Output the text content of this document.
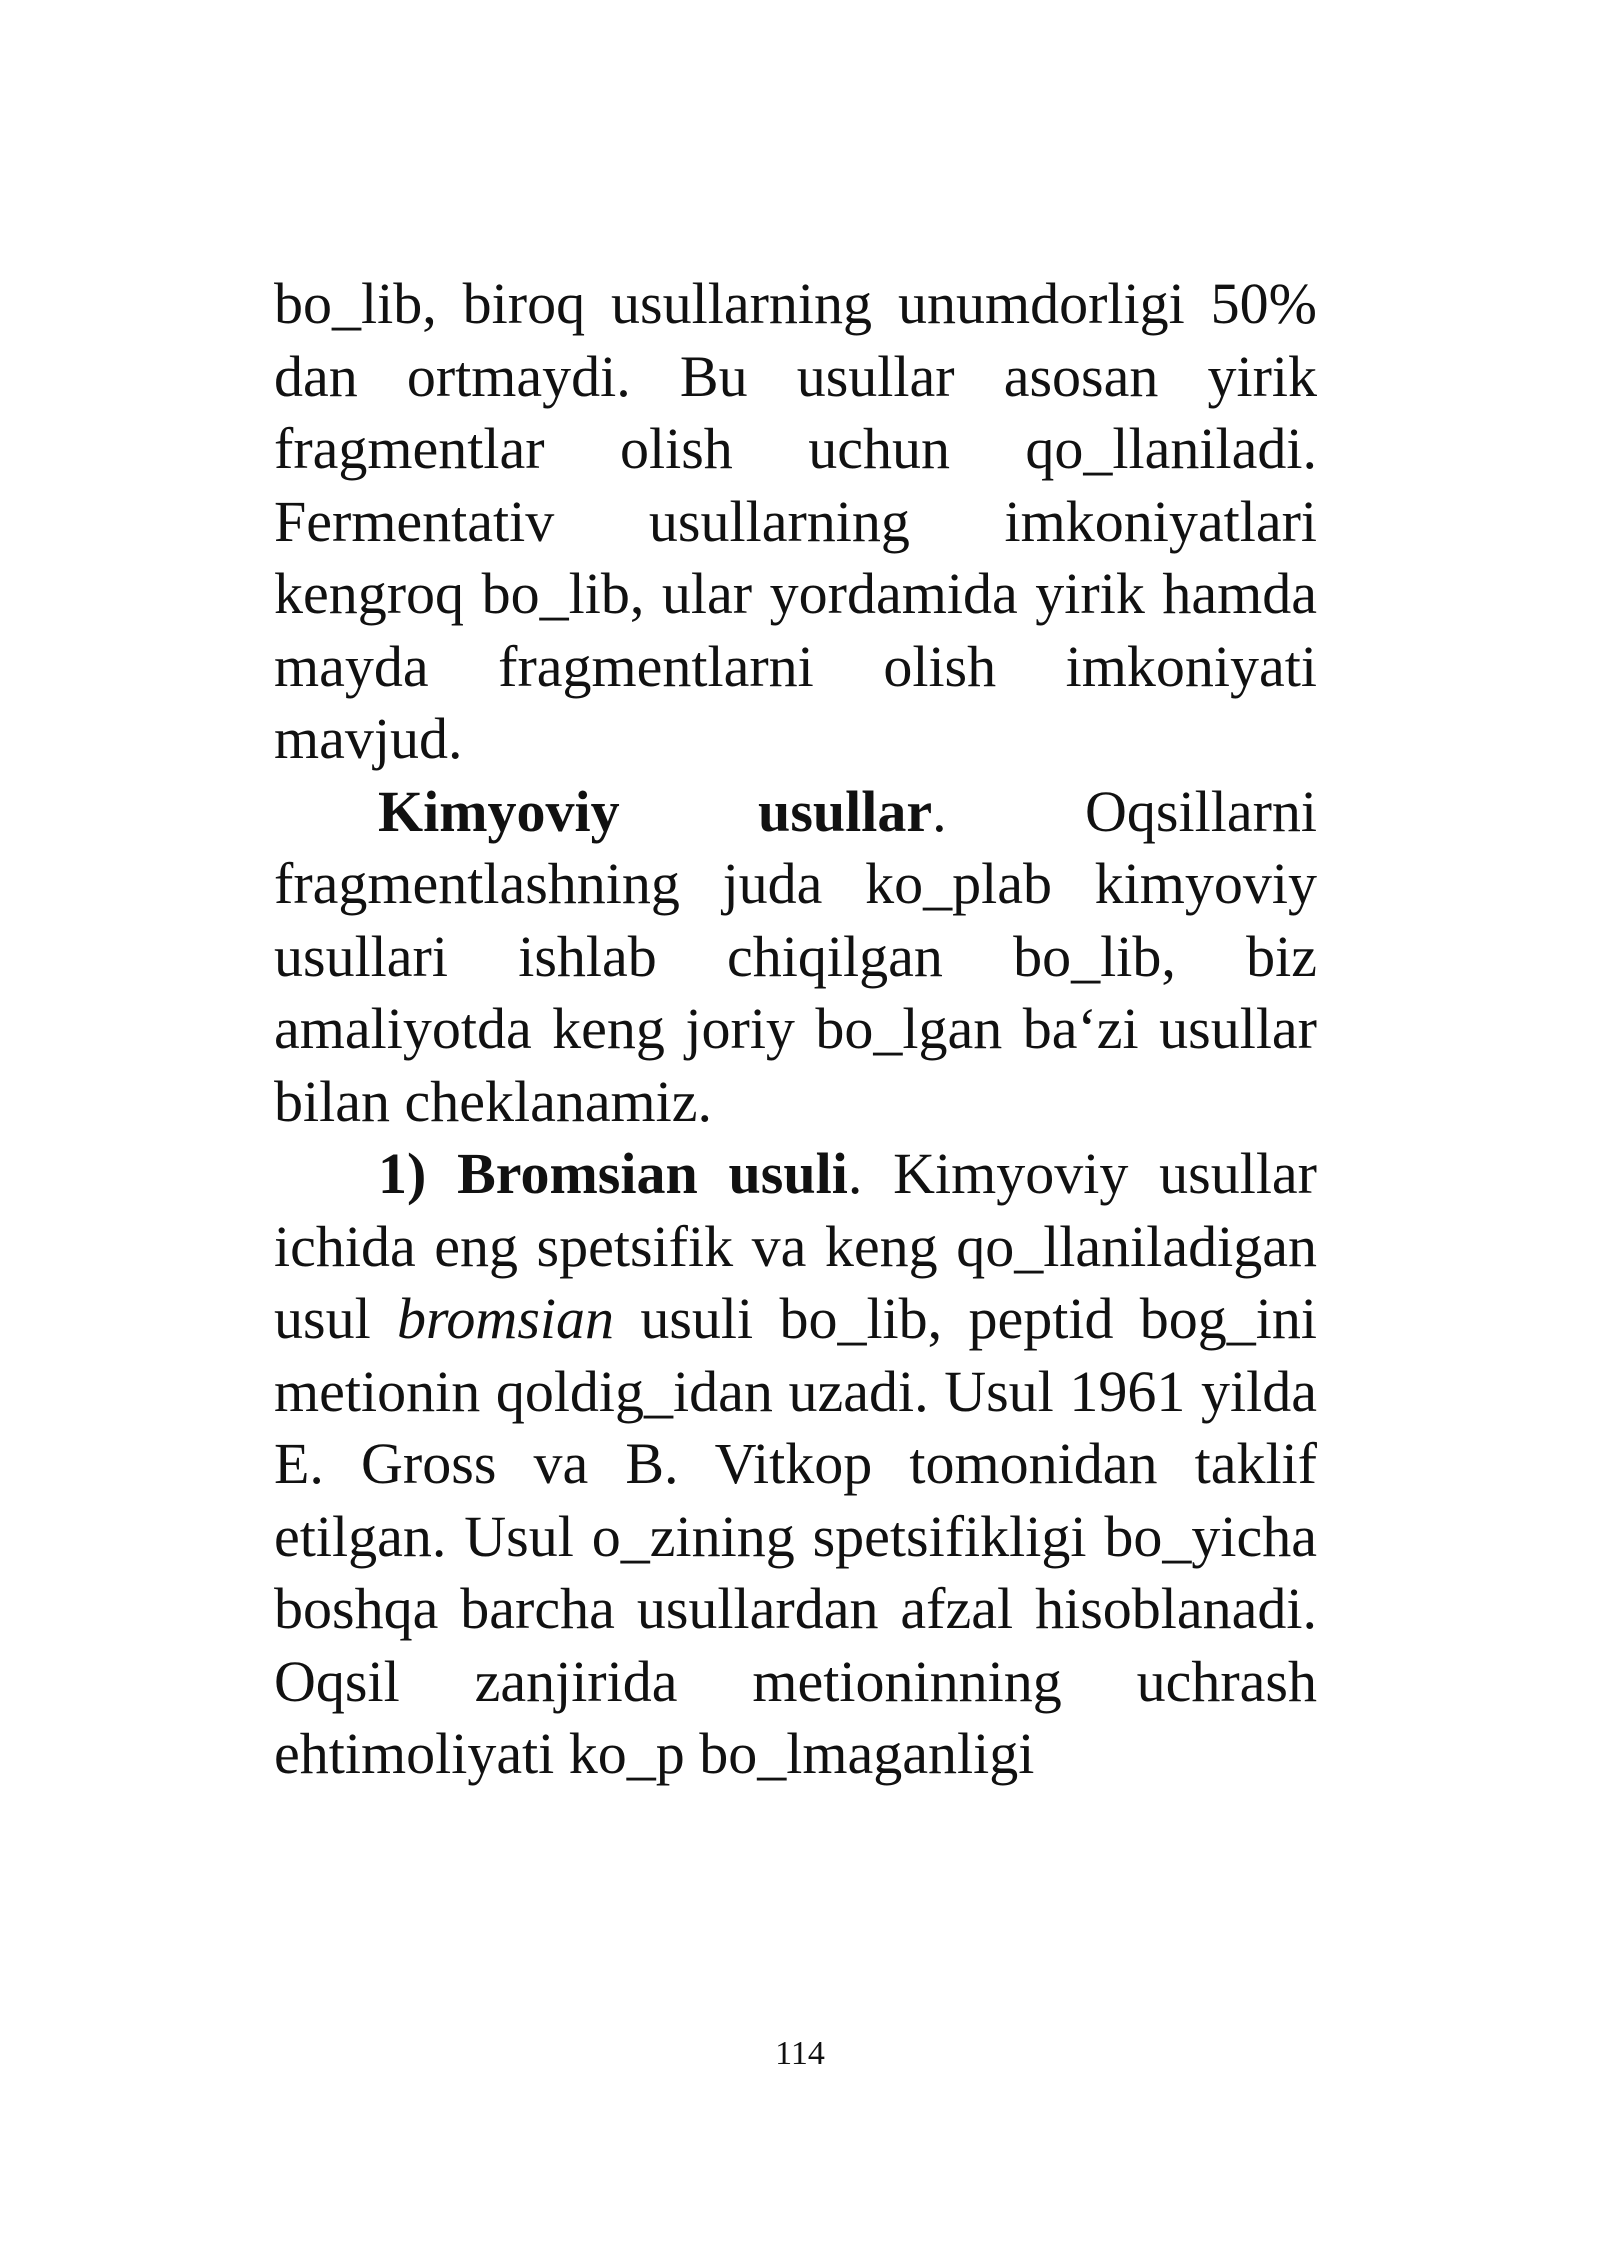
bo_lib, biroq usullarning unumdorligi 50% dan ortmaydi. Bu usullar asosan yirik fragmentlar olish uchun qo_llaniladi. Fermentativ usullarning imkoniyatlari kengroq bo_lib, ular yordamida yirik hamda mayda fragmentlarni olish imkoniyati mavjud.

Kimyoviy usullar. Oqsillarni fragmentlashning juda ko_plab kimyoviy usullari ishlab chiqilgan bo_lib, biz amaliyotda keng joriy bo_lgan ba‘zi usullar bilan cheklanamiz.

1) Bromsian usuli. Kimyoviy usullar ichida eng spetsifik va keng qo_llaniladigan usul bromsian usuli bo_lib, peptid bog_ini metionin qoldig_idan uzadi. Usul 1961 yilda E. Gross va B. Vitkop tomonidan taklif etilgan. Usul o_zining spetsifikligi bo_yicha boshqa barcha usullardan afzal hisoblanadi. Oqsil zanjirida metioninning uchrash ehtimoliyati ko_p bo_lmaganligi

114
